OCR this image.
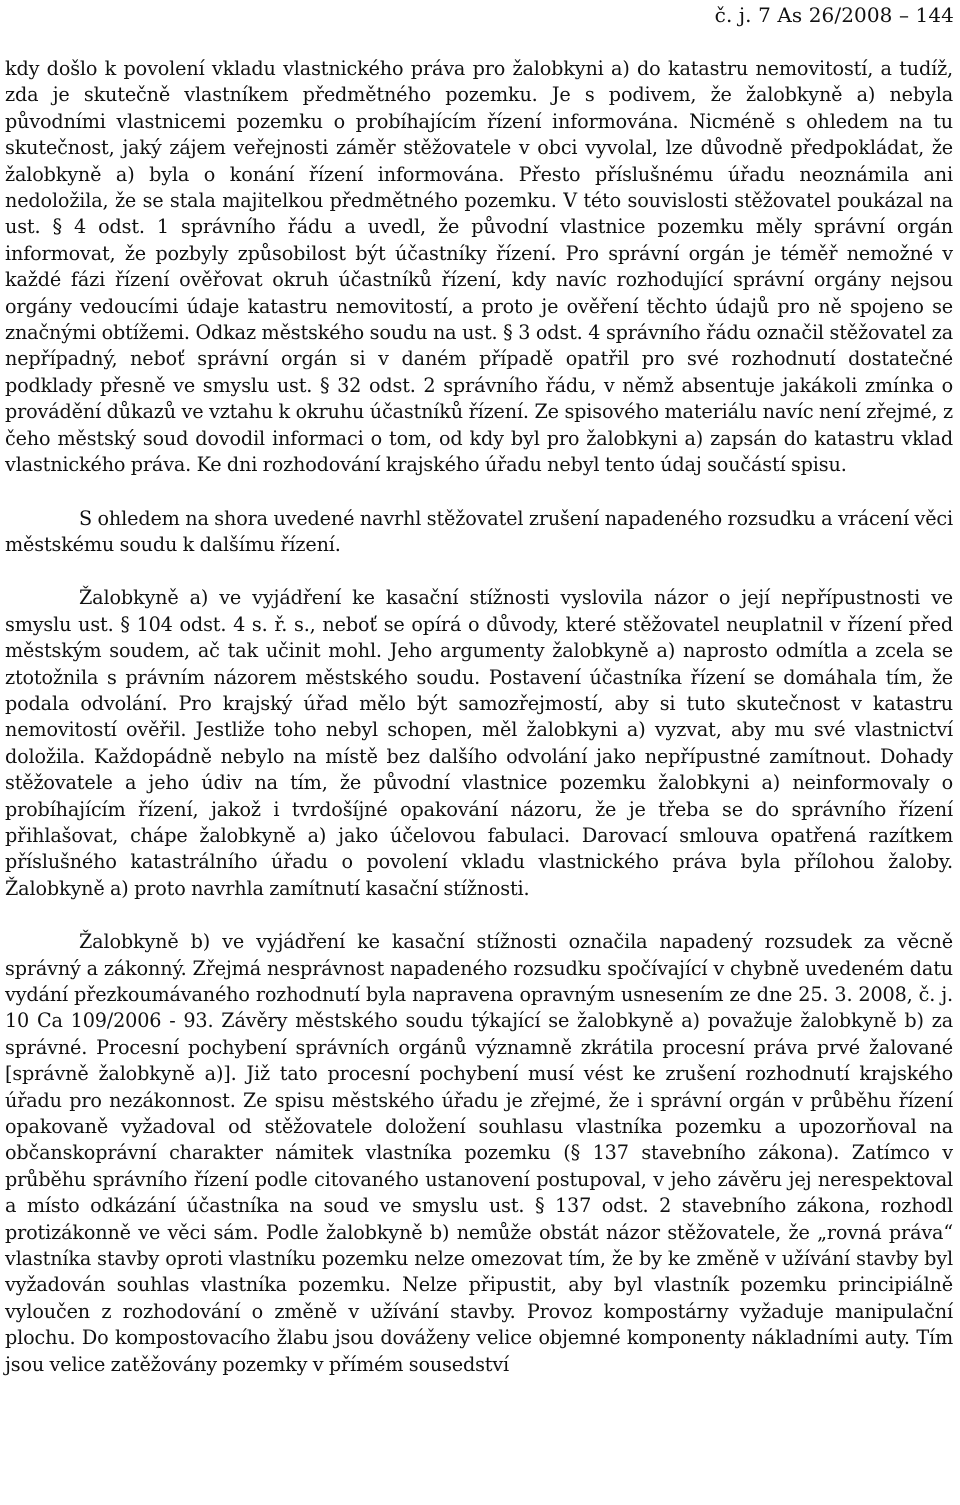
č. j. 7 As 26/2008 – 144

kdy došlo k povolení vkladu vlastnického práva pro žalobkyni a) do katastru nemovitostí, a tudíž, zda je skutečně vlastníkem předmětného pozemku. Je s podivem, že žalobkyně a) nebyla původními vlastnicemi pozemku o probíhajícím řízení informována. Nicméně s ohledem na tu skutečnost, jaký zájem veřejnosti záměr stěžovatele v obci vyvolal, lze důvodně předpokládat, že žalobkyně a) byla o konání řízení informována. Přesto příslušnému úřadu neoznámila ani nedoložila, že se stala majitelkou předmětného pozemku. V této souvislosti stěžovatel poukázal na ust. § 4 odst. 1 správního řádu a uvedl, že původní vlastnice pozemku měly správní orgán informovat, že pozbyly způsobilost být účastníky řízení. Pro správní orgán je téměř nemožné v každé fázi řízení ověřovat okruh účastníků řízení, kdy navíc rozhodující správní orgány nejsou orgány vedoucími údaje katastru nemovitostí, a proto je ověření těchto údajů pro ně spojeno se značnými obtížemi. Odkaz městského soudu na ust. § 3 odst. 4 správního řádu označil stěžovatel za nepřípadný, neboť správní orgán si v daném případě opatřil pro své rozhodnutí dostatečné podklady přesně ve smyslu ust. § 32 odst. 2 správního řádu, v němž absentuje jakákoli zmínka o provádění důkazů ve vztahu k okruhu účastníků řízení. Ze spisového materiálu navíc není zřejmé, z čeho městský soud dovodil informaci o tom, od kdy byl pro žalobkyni a) zapsán do katastru vklad vlastnického práva. Ke dni rozhodování krajského úřadu nebyl tento údaj součástí spisu.

S ohledem na shora uvedené navrhl stěžovatel zrušení napadeného rozsudku a vrácení věci městskému soudu k dalšímu řízení.

Žalobkyně a) ve vyjádření ke kasační stížnosti vyslovila názor o její nepřípustnosti ve smyslu ust. § 104 odst. 4 s. ř. s., neboť se opírá o důvody, které stěžovatel neuplatnil v řízení před městským soudem, ač tak učinit mohl. Jeho argumenty žalobkyně a) naprosto odmítla a zcela se ztotožnila s právním názorem městského soudu. Postavení účastníka řízení se domáhala tím, že podala odvolání. Pro krajský úřad mělo být samozřejmostí, aby si tuto skutečnost v katastru nemovitostí ověřil. Jestliže toho nebyl schopen, měl žalobkyni a) vyzvat, aby mu své vlastnictví doložila. Každopádně nebylo na místě bez dalšího odvolání jako nepřípustné zamítnout. Dohady stěžovatele a jeho údiv na tím, že původní vlastnice pozemku žalobkyni a) neinformovaly o probíhajícím řízení, jakož i tvrdošíjné opakování názoru, že je třeba se do správního řízení přihlašovat, chápe žalobkyně a) jako účelovou fabulaci. Darovací smlouva opatřená razítkem příslušného katastrálního úřadu o povolení vkladu vlastnického práva byla přílohou žaloby. Žalobkyně a) proto navrhla zamítnutí kasační stížnosti.

Žalobkyně b) ve vyjádření ke kasační stížnosti označila napadený rozsudek za věcně správný a zákonný. Zřejmá nesprávnost napadeného rozsudku spočívající v chybně uvedeném datu vydání přezkoumávaného rozhodnutí byla napravena opravným usnesením ze dne 25. 3. 2008, č. j. 10 Ca 109/2006 - 93. Závěry městského soudu týkající se žalobkyně a) považuje žalobkyně b) za správné. Procesní pochybení správních orgánů významně zkrátila procesní práva prvé žalované [správně žalobkyně a)]. Již tato procesní pochybení musí vést ke zrušení rozhodnutí krajského úřadu pro nezákonnost. Ze spisu městského úřadu je zřejmé, že i správní orgán v průběhu řízení opakovaně vyžadoval od stěžovatele doložení souhlasu vlastníka pozemku a upozorňoval na občanskoprávní charakter námitek vlastníka pozemku (§ 137 stavebního zákona). Zatímco v průběhu správního řízení podle citovaného ustanovení postupoval, v jeho závěru jej nerespektoval a místo odkázání účastníka na soud ve smyslu ust. § 137 odst. 2 stavebního zákona, rozhodl protizákonně ve věci sám. Podle žalobkyně b) nemůže obstát názor stěžovatele, že „rovná práva“ vlastníka stavby oproti vlastníku pozemku nelze omezovat tím, že by ke změně v užívání stavby byl vyžadován souhlas vlastníka pozemku. Nelze připustit, aby byl vlastník pozemku principiálně vyloučen z rozhodování o změně v užívání stavby. Provoz kompostárny vyžaduje manipulační plochu. Do kompostovacího žlabu jsou dováženy velice objemné komponenty nákladními auty. Tím jsou velice zatěžovány pozemky v přímém sousedství
